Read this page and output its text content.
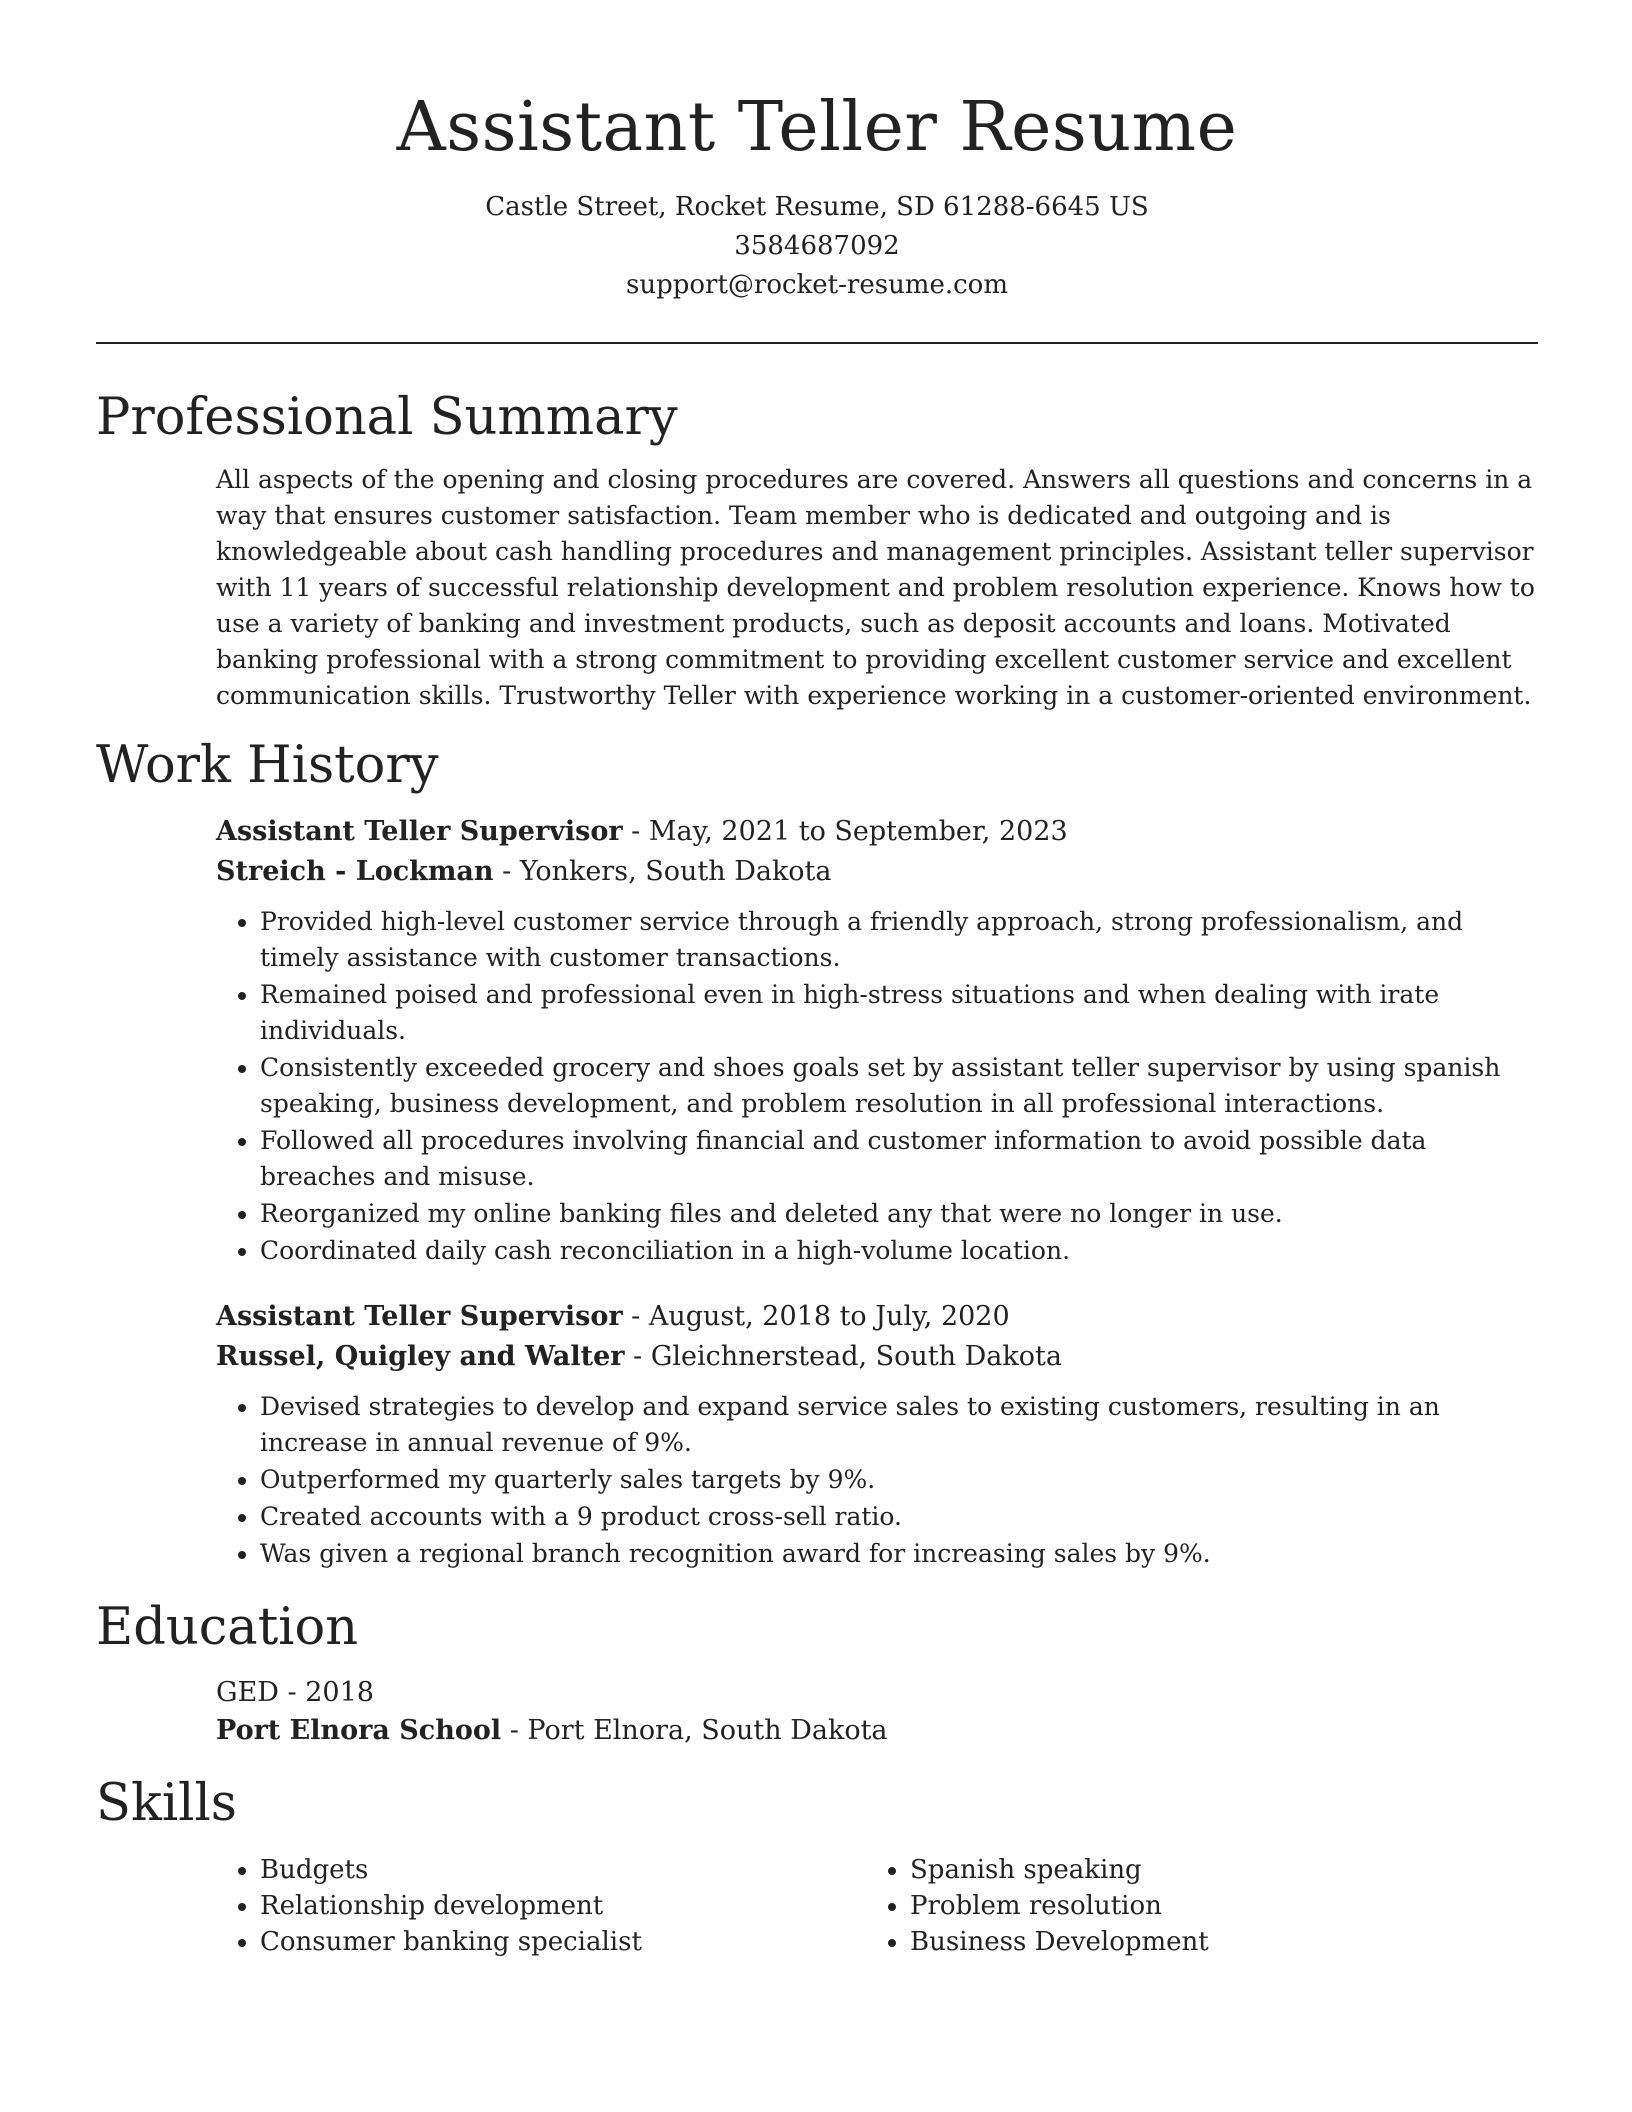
Assistant Teller Resume
Castle Street, Rocket Resume, SD 61288-6645 US
3584687092
support@rocket-resume.com
Professional Summary
All aspects of the opening and closing procedures are covered. Answers all questions and concerns in a way that ensures customer satisfaction. Team member who is dedicated and outgoing and is knowledgeable about cash handling procedures and management principles. Assistant teller supervisor with 11 years of successful relationship development and problem resolution experience. Knows how to use a variety of banking and investment products, such as deposit accounts and loans. Motivated banking professional with a strong commitment to providing excellent customer service and excellent communication skills. Trustworthy Teller with experience working in a customer-oriented environment.
Work History
Assistant Teller Supervisor - May, 2021 to September, 2023
Streich - Lockman - Yonkers, South Dakota
• Provided high-level customer service through a friendly approach, strong professionalism, and timely assistance with customer transactions.
• Remained poised and professional even in high-stress situations and when dealing with irate individuals.
• Consistently exceeded grocery and shoes goals set by assistant teller supervisor by using spanish speaking, business development, and problem resolution in all professional interactions.
• Followed all procedures involving financial and customer information to avoid possible data breaches and misuse.
• Reorganized my online banking files and deleted any that were no longer in use.
• Coordinated daily cash reconciliation in a high-volume location.
Assistant Teller Supervisor - August, 2018 to July, 2020
Russel, Quigley and Walter - Gleichnerstead, South Dakota
• Devised strategies to develop and expand service sales to existing customers, resulting in an increase in annual revenue of 9%.
• Outperformed my quarterly sales targets by 9%.
• Created accounts with a 9 product cross-sell ratio.
• Was given a regional branch recognition award for increasing sales by 9%.
Education
GED - 2018
Port Elnora School - Port Elnora, South Dakota
Skills
• Budgets
• Relationship development
• Consumer banking specialist
• Spanish speaking
• Problem resolution
• Business Development
